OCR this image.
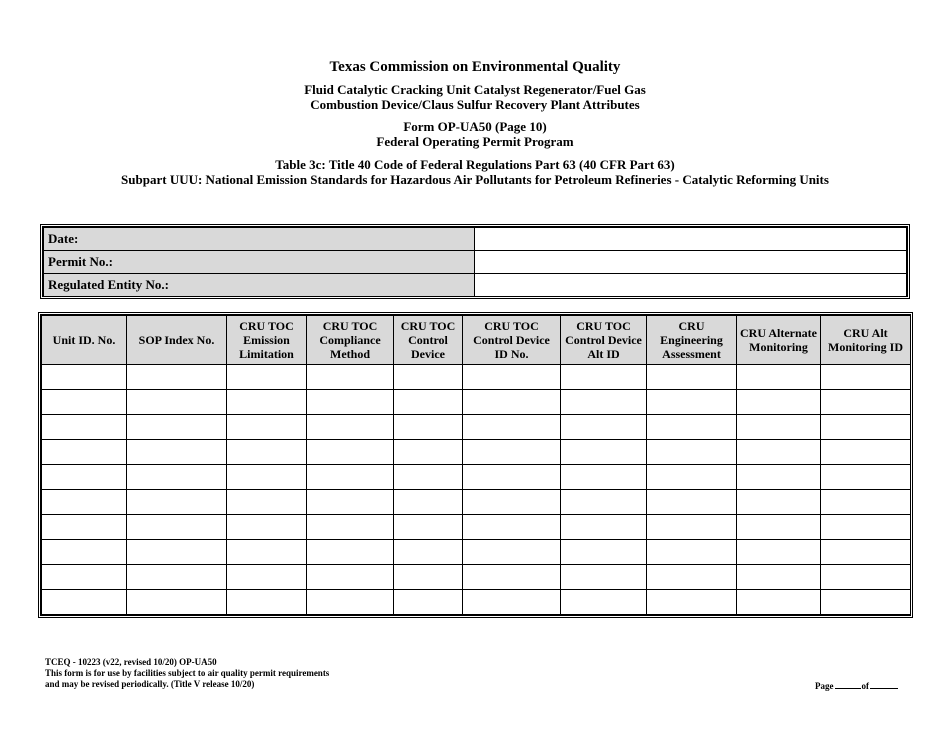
Texas Commission on Environmental Quality
Fluid Catalytic Cracking Unit Catalyst Regenerator/Fuel Gas
Combustion Device/Claus Sulfur Recovery Plant Attributes
Form OP-UA50 (Page 10)
Federal Operating Permit Program
Table 3c: Title 40 Code of Federal Regulations Part 63 (40 CFR Part 63)
Subpart UUU: National Emission Standards for Hazardous Air Pollutants for Petroleum Refineries - Catalytic Reforming Units
Date:	
Permit No.:	
Regulated Entity No.:	
Unit ID. No.	SOP Index No.	CRU TOC Emission Limitation	CRU TOC Compliance Method	CRU TOC Control Device	CRU TOC Control Device ID No.	CRU TOC Control Device Alt ID	CRU Engineering Assessment	CRU Alternate Monitoring	CRU Alt Monitoring ID

TCEQ - 10223 (v22, revised 10/20) OP-UA50
This form is for use by facilities subject to air quality permit requirements
and may be revised periodically. (Title V release 10/20)	Page	of
